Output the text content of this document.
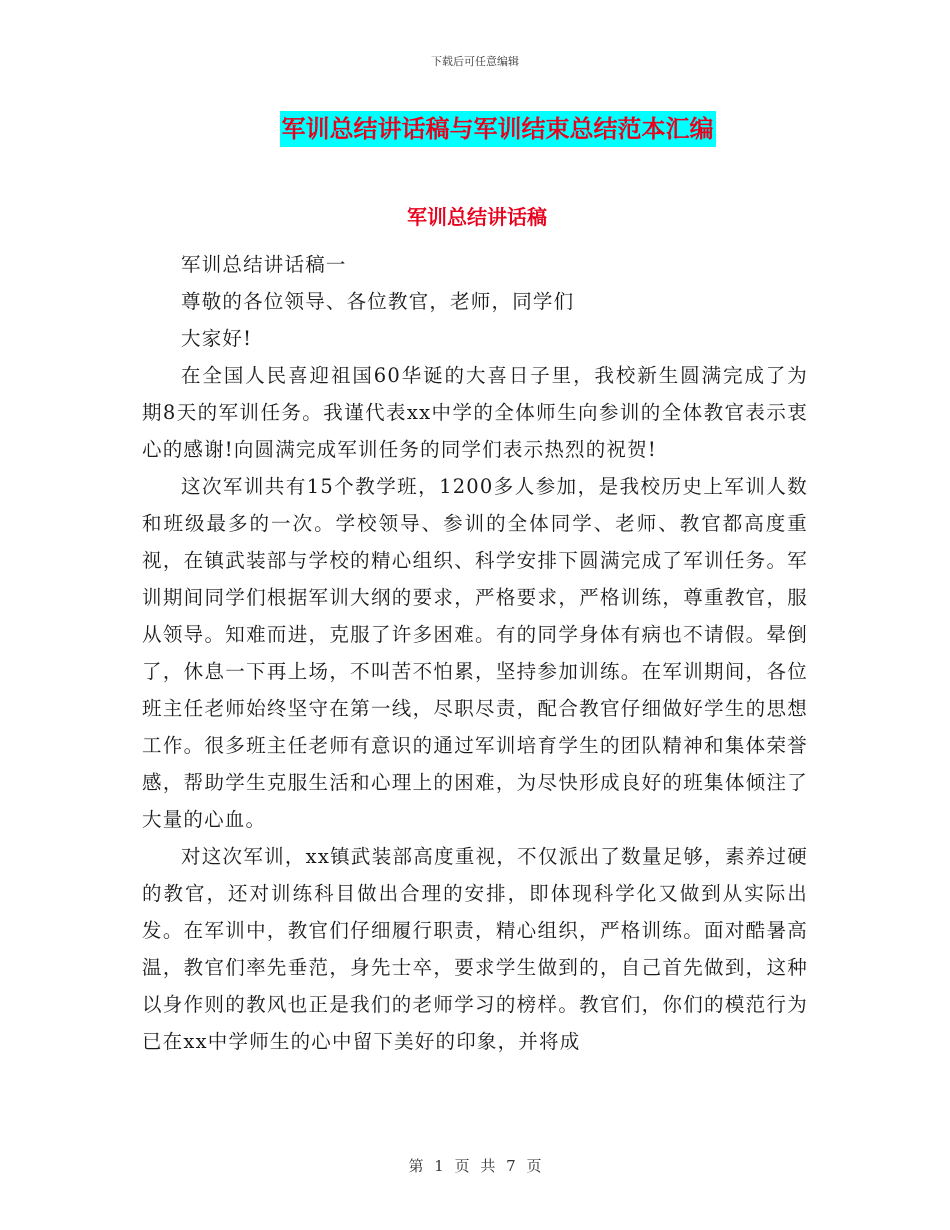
下载后可任意编辑
军训总结讲话稿与军训结束总结范本汇编
军训总结讲话稿

军训总结讲话稿一

尊敬的各位领导、各位教官，老师，同学们

大家好!

在全国人民喜迎祖国60华诞的大喜日子里，我校新生圆满完成了为期8天的军训任务。我谨代表xx中学的全体师生向参训的全体教官表示衷心的感谢!向圆满完成军训任务的同学们表示热烈的祝贺!

这次军训共有15个教学班，1200多人参加，是我校历史上军训人数和班级最多的一次。学校领导、参训的全体同学、老师、教官都高度重视，在镇武装部与学校的精心组织、科学安排下圆满完成了军训任务。军训期间同学们根据军训大纲的要求，严格要求，严格训练，尊重教官，服从领导。知难而进，克服了许多困难。有的同学身体有病也不请假。晕倒了，休息一下再上场，不叫苦不怕累，坚持参加训练。在军训期间，各位班主任老师始终坚守在第一线，尽职尽责，配合教官仔细做好学生的思想工作。很多班主任老师有意识的通过军训培育学生的团队精神和集体荣誉感，帮助学生克服生活和心理上的困难，为尽快形成良好的班集体倾注了大量的心血。

对这次军训，xx镇武装部高度重视，不仅派出了数量足够，素养过硬的教官，还对训练科目做出合理的安排，即体现科学化又做到从实际出发。在军训中，教官们仔细履行职责，精心组织，严格训练。面对酷暑高温，教官们率先垂范，身先士卒，要求学生做到的，自己首先做到，这种以身作则的教风也正是我们的老师学习的榜样。教官们，你们的模范行为已在xx中学师生的心中留下美好的印象，并将成

第 1 页 共 7 页
